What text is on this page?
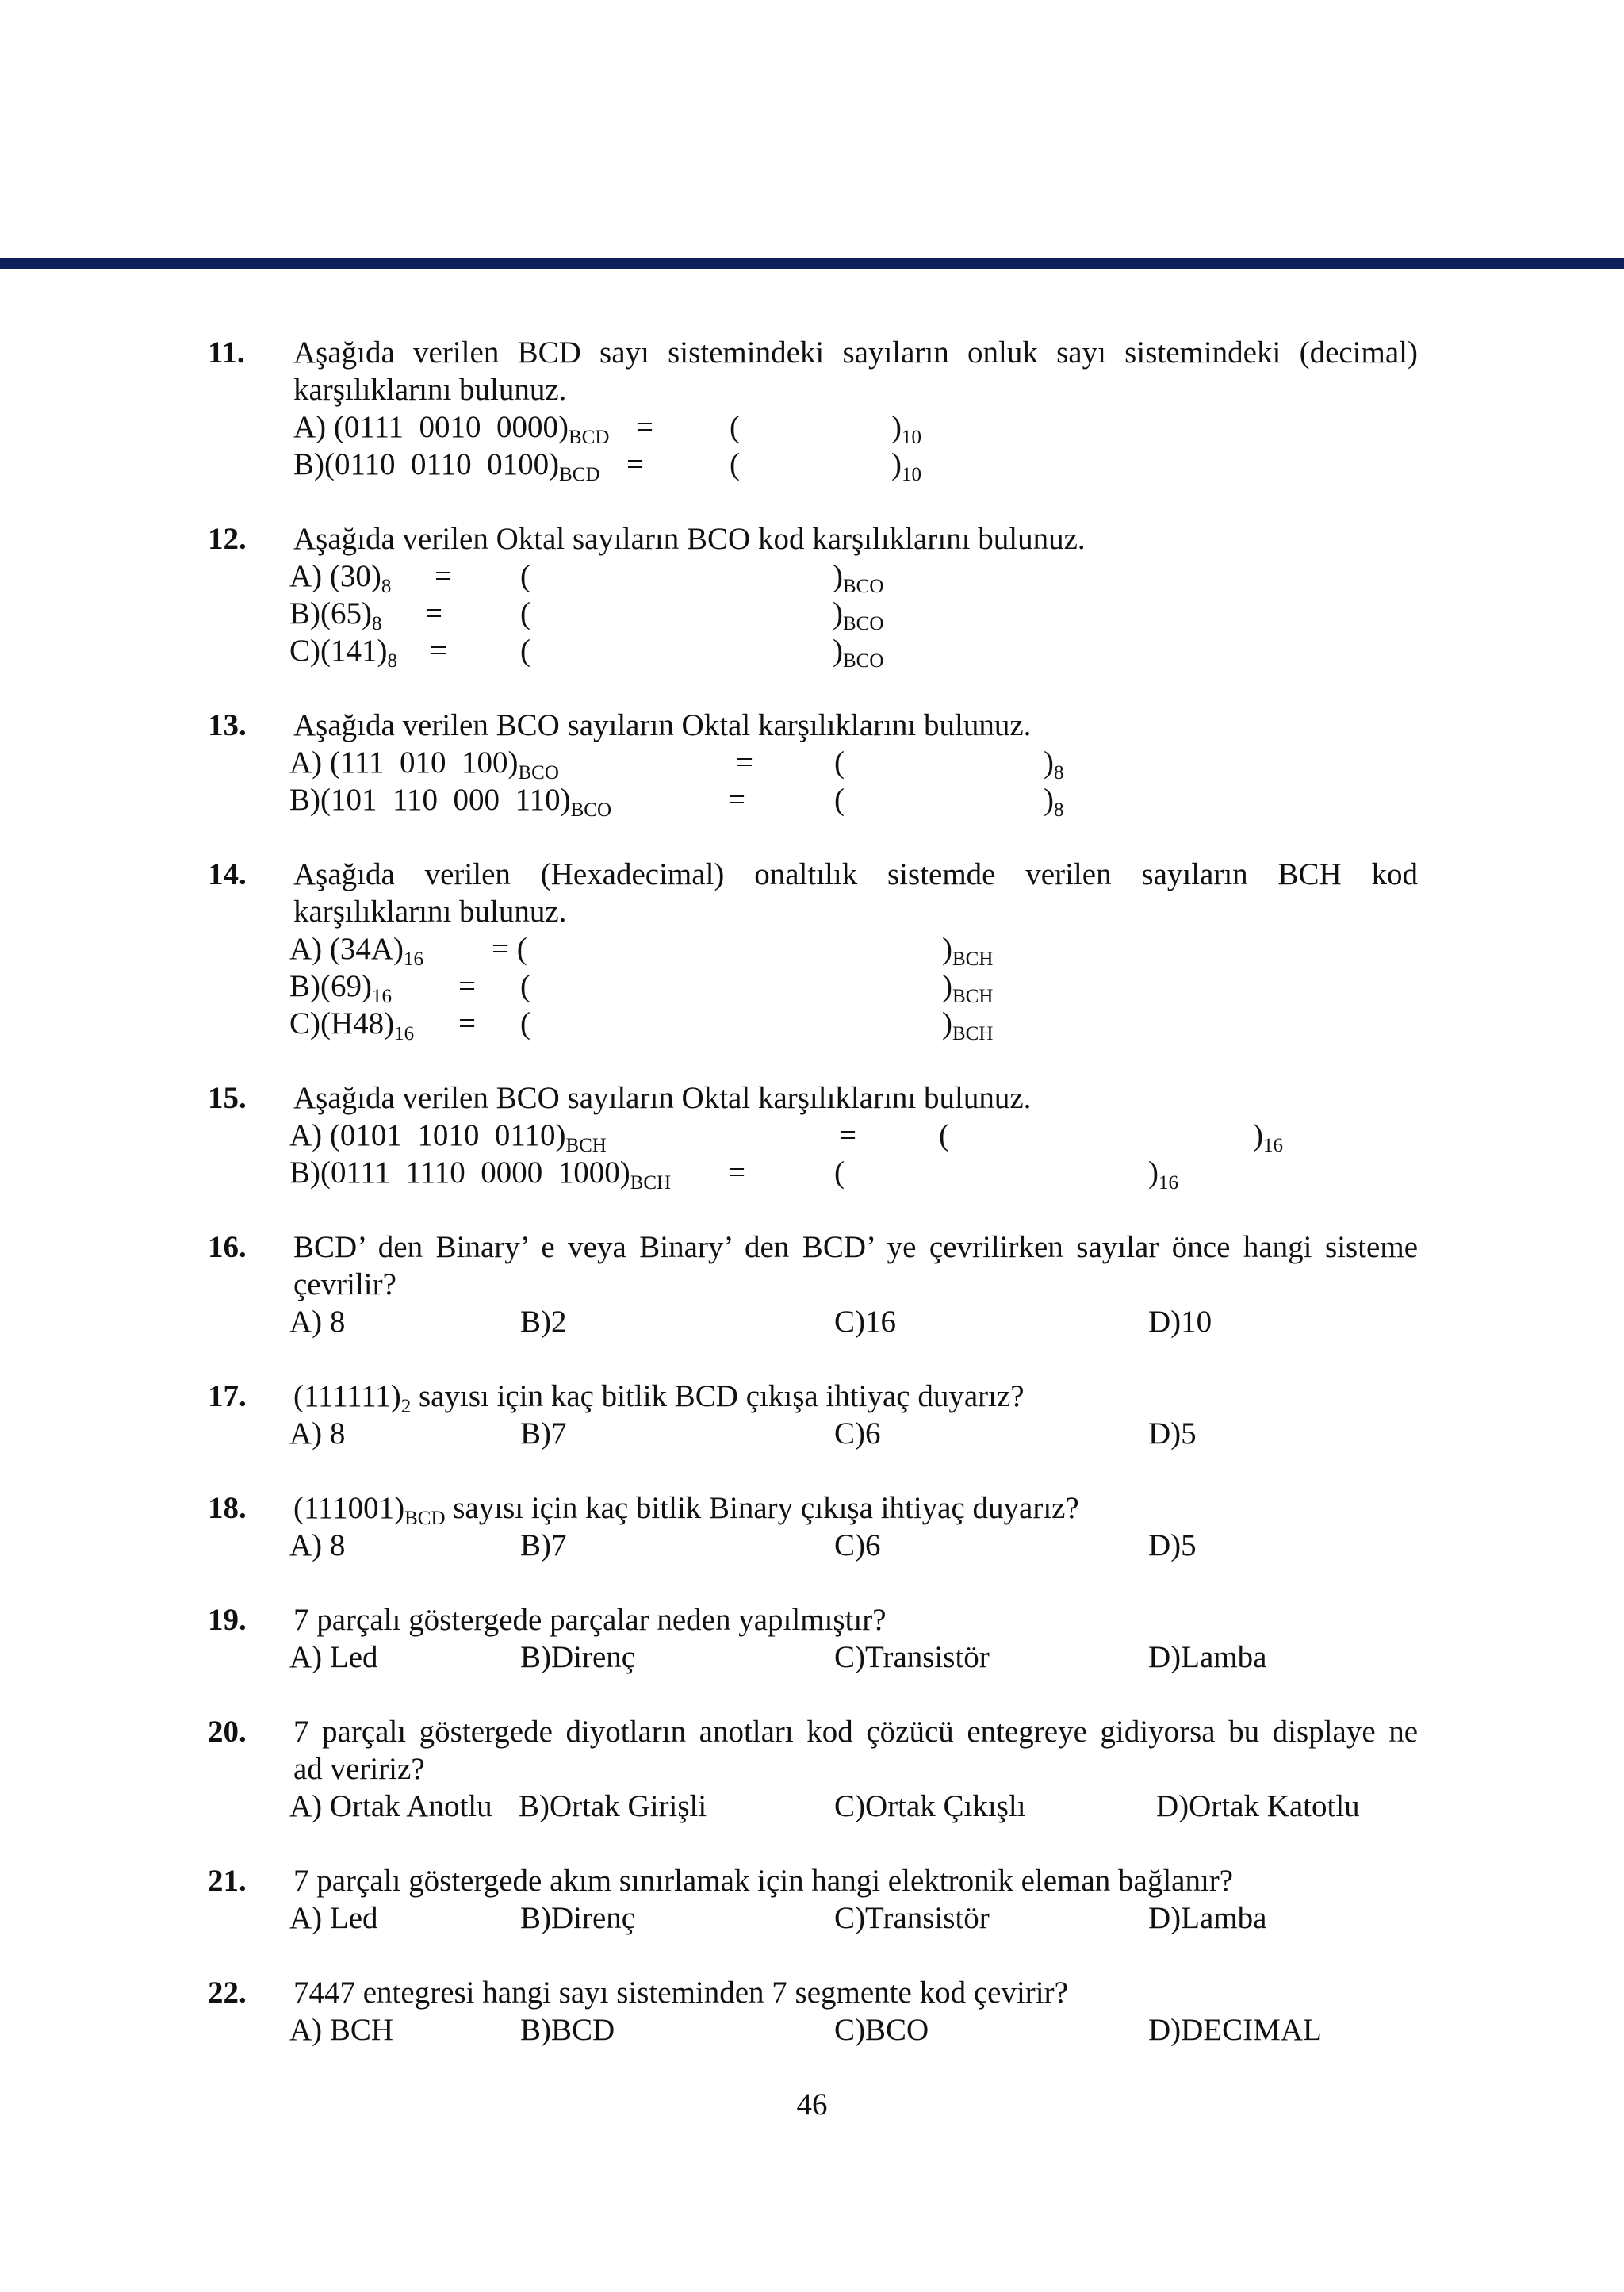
11. Aşağıda verilen BCD sayı sistemindeki sayıların onluk sayı sistemindeki (decimal)
karşılıklarını bulunuz.
A) (0111  0010  $0000)_{BCD}$ = (	)$_{10}$
B)(0110  0110  $0100)_{BCD}$ =	(	)$_{10}$
12. Aşağıda verilen Oktal sayıların BCO kod karşılıklarını bulunuz.
A) $(30)_8$ = (	)$_{BCO}$
$B)(65)_8$ =	(	)$_{BCO}$
$C)(141)_8$ = (	)$_{BCO}$
13. Aşağıda verilen BCO sayıların Oktal karşılıklarını bulunuz.
A) (111  010  $100)_{BCO}$	=	(	)$_8$
B)(101  110  000  $110)_{BCO}$	=	(	)$_8$
14. Aşağıda verilen (Hexadecimal) onaltılık sistemde verilen sayıların BCH kod
karşılıklarını bulunuz.
A) $(34A)_{16}$ = (	)$_{BCH}$
$B)(69)_{16}$ = (	)$_{BCH}$
$C)(H48)_{16}$ = (	)$_{BCH}$
15. Aşağıda verilen BCO sayıların Oktal karşılıklarını bulunuz.
A) (0101  1010  $0110)_{BCH}$	=	(	)$_{16}$
B)(0111  1110  0000  $1000)_{BCH}$ =	(	)$_{16}$
16. BCD’ den Binary’ e veya Binary’ den BCD’ ye çevrilirken sayılar önce hangi sisteme
çevrilir?
A) 8	B)2	C)16	D)10
17. $(111111)_2$ sayısı için kaç bitlik BCD çıkışa ihtiyaç duyarız?
A) 8	B)7	C)6	D)5
18. $(111001)_{BCD}$ sayısı için kaç bitlik Binary çıkışa ihtiyaç duyarız?
A) 8	B)7	C)6	D)5
19. 7 parçalı göstergede parçalar neden yapılmıştır?
A) Led	B)Direnç	C)Transistör	D)Lamba
20. 7 parçalı göstergede diyotların anotları kod çözücü entegreye gidiyorsa bu displaye ne
ad veririz?
A) Ortak Anotlu B)Ortak Girişli	C)Ortak Çıkışlı	D)Ortak Katotlu
21. 7 parçalı göstergede akım sınırlamak için hangi elektronik eleman bağlanır?
A) Led	B)Direnç	C)Transistör	D)Lamba
22. 7447 entegresi hangi sayı sisteminden 7 segmente kod çevirir?
A) BCH	B)BCD	C)BCO	D)DECIMAL
46
